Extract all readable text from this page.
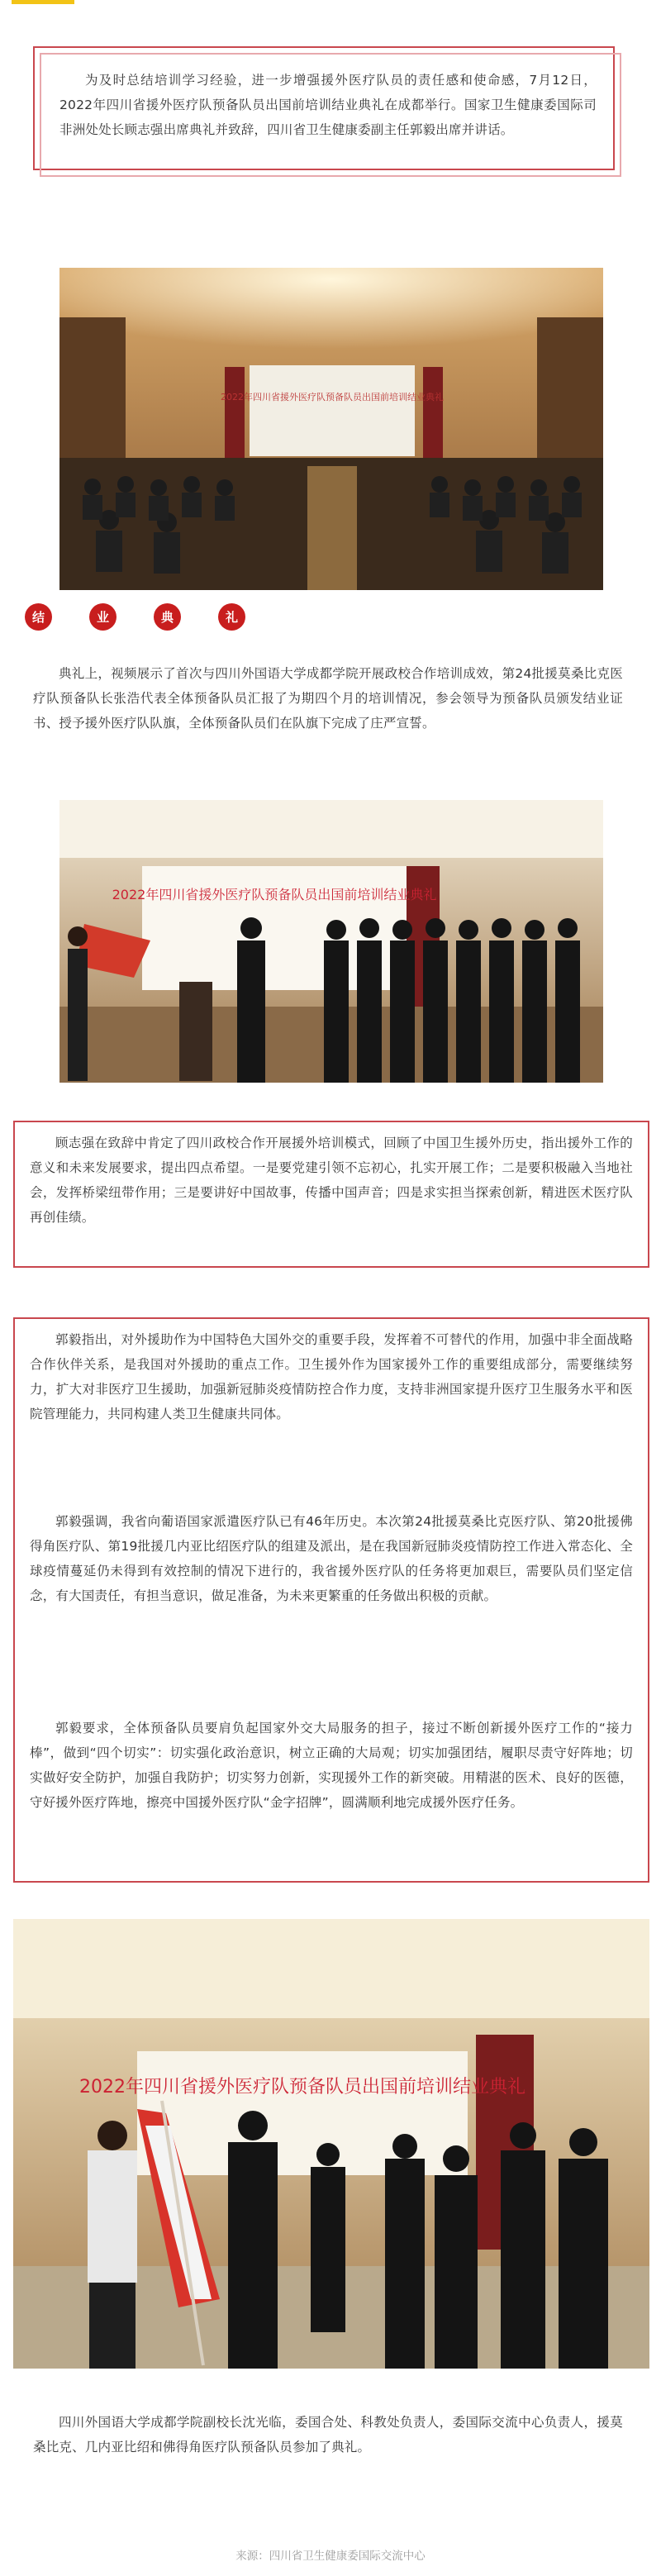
为及时总结培训学习经验，进一步增强援外医疗队员的责任感和使命感，7月12日，2022年四川省援外医疗队预备队员出国前培训结业典礼在成都举行。国家卫生健康委国际司非洲处处长顾志强出席典礼并致辞，四川省卫生健康委副主任郭毅出席并讲话。

2022年四川省援外医疗队预备队员出国前培训结业典礼
结	业	典	礼

典礼上，视频展示了首次与四川外国语大学成都学院开展政校合作培训成效，第24批援莫桑比克医疗队预备队长张浩代表全体预备队员汇报了为期四个月的培训情况，参会领导为预备队员颁发结业证书、授予援外医疗队队旗，全体预备队员们在队旗下完成了庄严宣誓。

2022年四川省援外医疗队预备队员出国前培训结业典礼

顾志强在致辞中肯定了四川政校合作开展援外培训模式，回顾了中国卫生援外历史，指出援外工作的意义和未来发展要求，提出四点希望。一是要党建引领不忘初心，扎实开展工作；二是要积极融入当地社会，发挥桥梁纽带作用；三是要讲好中国故事，传播中国声音；四是求实担当探索创新，精进医术医疗队再创佳绩。

郭毅指出，对外援助作为中国特色大国外交的重要手段，发挥着不可替代的作用，加强中非全面战略合作伙伴关系，是我国对外援助的重点工作。卫生援外作为国家援外工作的重要组成部分，需要继续努力，扩大对非医疗卫生援助，加强新冠肺炎疫情防控合作力度，支持非洲国家提升医疗卫生服务水平和医院管理能力，共同构建人类卫生健康共同体。

郭毅强调，我省向葡语国家派遣医疗队已有46年历史。本次第24批援莫桑比克医疗队、第20批援佛得角医疗队、第19批援几内亚比绍医疗队的组建及派出，是在我国新冠肺炎疫情防控工作进入常态化、全球疫情蔓延仍未得到有效控制的情况下进行的，我省援外医疗队的任务将更加艰巨，需要队员们坚定信念，有大国责任，有担当意识，做足准备，为未来更繁重的任务做出积极的贡献。

郭毅要求，全体预备队员要肩负起国家外交大局服务的担子，接过不断创新援外医疗工作的“接力棒”，做到“四个切实”：切实强化政治意识，树立正确的大局观；切实加强团结，履职尽责守好阵地；切实做好安全防护，加强自我防护；切实努力创新，实现援外工作的新突破。用精湛的医术、良好的医德，守好援外医疗阵地，擦亮中国援外医疗队“金字招牌”，圆满顺利地完成援外医疗任务。

2022年四川省援外医疗队预备队员出国前培训结业典礼

四川外国语大学成都学院副校长沈光临，委国合处、科教处负责人，委国际交流中心负责人，援莫桑比克、几内亚比绍和佛得角医疗队预备队员参加了典礼。

来源：四川省卫生健康委国际交流中心
